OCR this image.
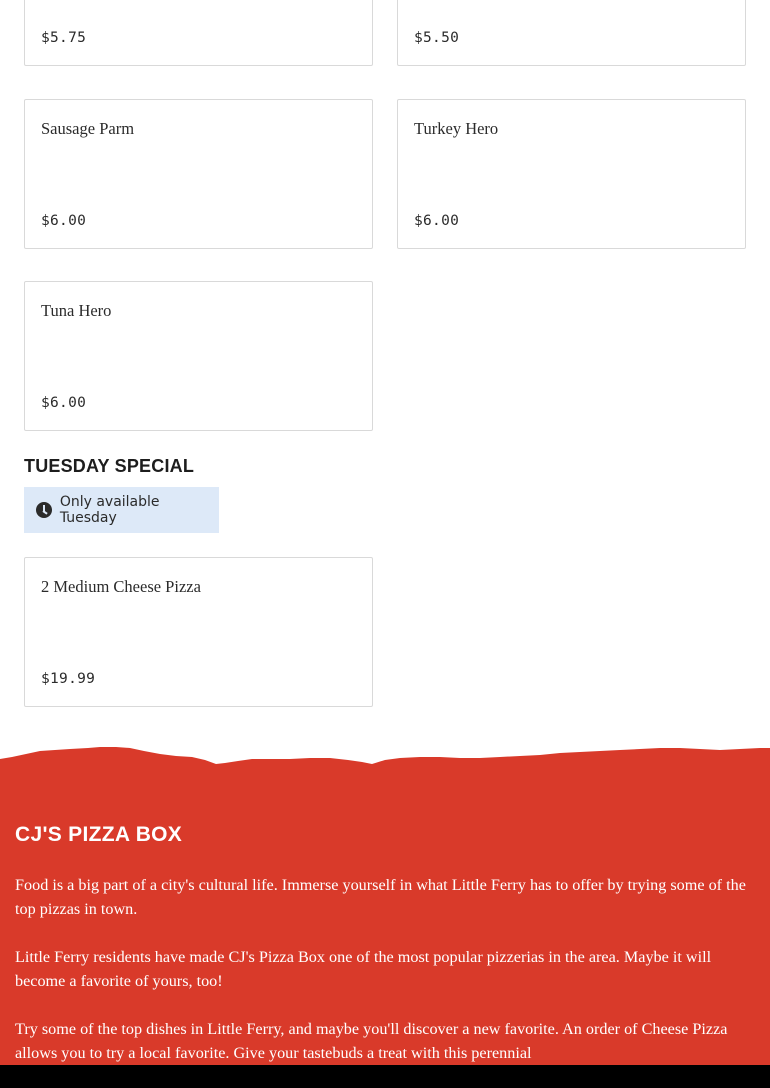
$5.75	$5.50
Sausage Parm
$6.00
Turkey Hero
$6.00
Tuna Hero
$6.00
TUESDAY SPECIAL
Only available Tuesday
2 Medium Cheese Pizza
$19.99
CJ'S PIZZA BOX

Food is a big part of a city's cultural life. Immerse yourself in what Little Ferry has to offer by trying some of the top pizzas in town.

Little Ferry residents have made CJ's Pizza Box one of the most popular pizzerias in the area. Maybe it will become a favorite of yours, too!

Try some of the top dishes in Little Ferry, and maybe you'll discover a new favorite. An order of Cheese Pizza allows you to try a local favorite. Give your tastebuds a treat with this perennial
